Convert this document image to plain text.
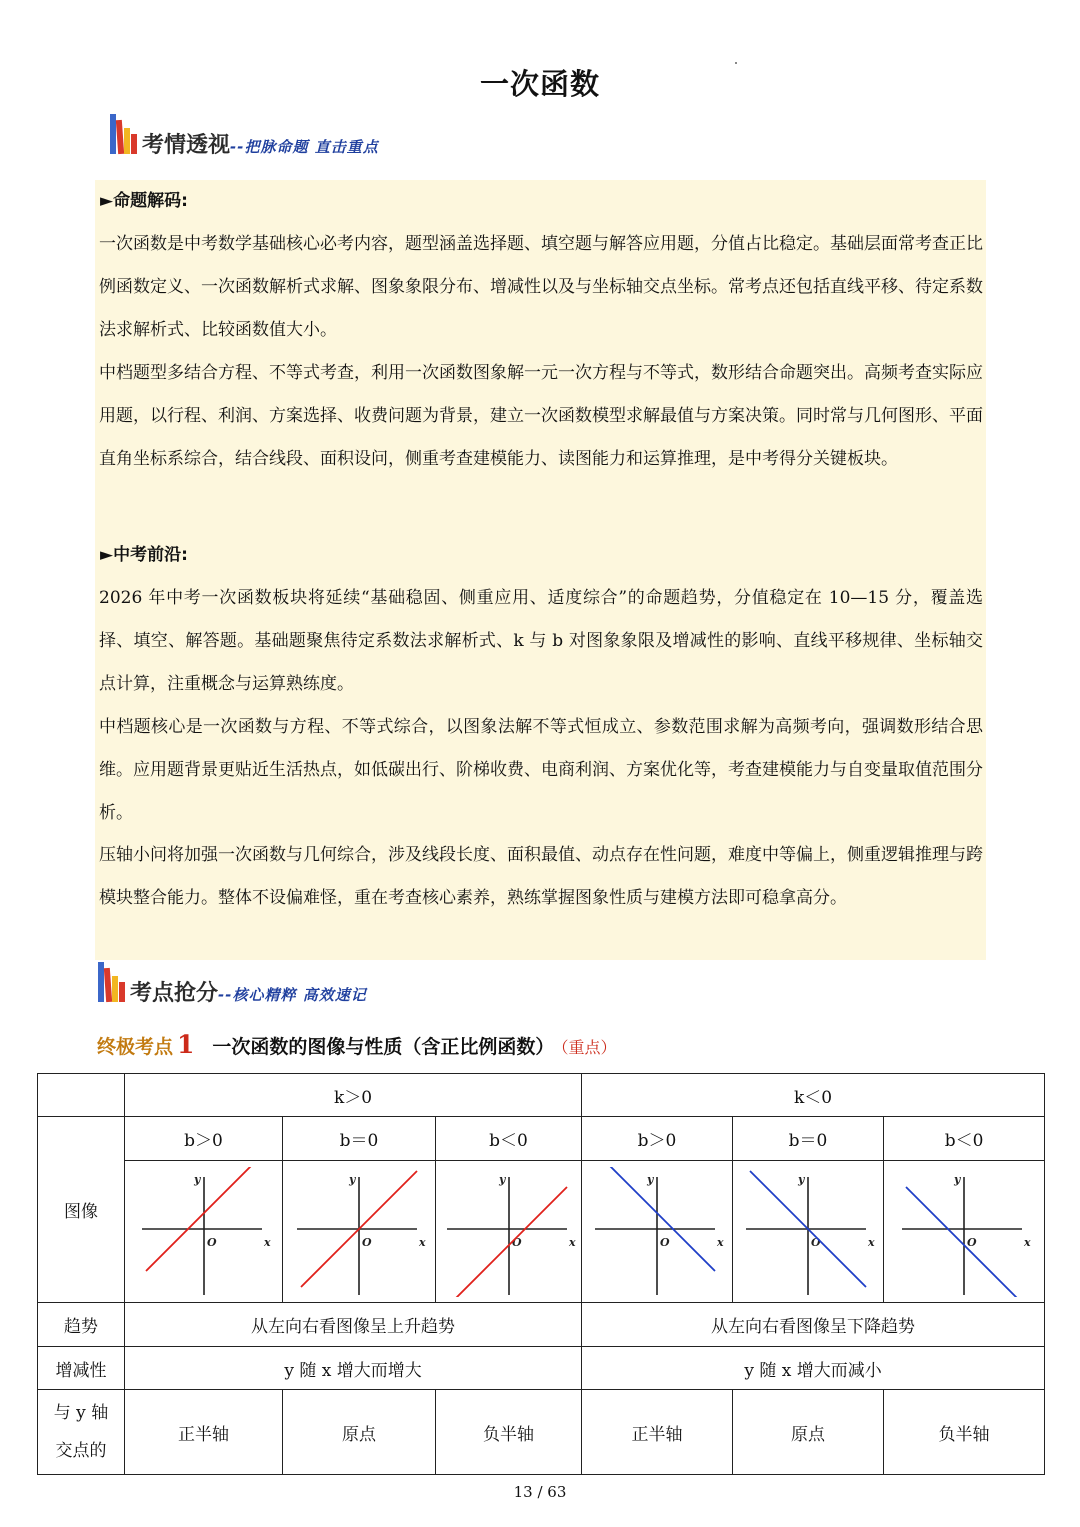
一次函数
考情透视--把脉命题 直击重点
►命题解码:

一次函数是中考数学基础核心必考内容，题型涵盖选择题、填空题与解答应用题，分值占比稳定。基础层面常考查正比例函数定义、一次函数解析式求解、图象象限分布、增减性以及与坐标轴交点坐标。常考点还包括直线平移、待定系数法求解析式、比较函数值大小。

中档题型多结合方程、不等式考查，利用一次函数图象解一元一次方程与不等式，数形结合命题突出。高频考查实际应用题，以行程、利润、方案选择、收费问题为背景，建立一次函数模型求解最值与方案决策。同时常与几何图形、平面直角坐标系综合，结合线段、面积设问，侧重考查建模能力、读图能力和运算推理，是中考得分关键板块。

►中考前沿:

2026 年中考一次函数板块将延续“基础稳固、侧重应用、适度综合”的命题趋势，分值稳定在 10—15 分，覆盖选择、填空、解答题。基础题聚焦待定系数法求解析式、k 与 b 对图象象限及增减性的影响、直线平移规律、坐标轴交点计算，注重概念与运算熟练度。

中档题核心是一次函数与方程、不等式综合，以图象法解不等式恒成立、参数范围求解为高频考向，强调数形结合思维。应用题背景更贴近生活热点，如低碳出行、阶梯收费、电商利润、方案优化等，考查建模能力与自变量取值范围分析。

压轴小问将加强一次函数与几何综合，涉及线段长度、面积最值、动点存在性问题，难度中等偏上，侧重逻辑推理与跨模块整合能力。整体不设偏难怪，重在考查核心素养，熟练掌握图象性质与建模方法即可稳拿高分。

考点抢分--核心精粹 高效速记
终极考点 1 一次函数的图像与性质（含正比例函数） （重点）
	k＞0			k＜0		
图像	b＞0	b＝0	b＜0	b＞0	b＝0	b＜0

y
x
O	y
x
O	y
x
O	y
x
O	y
x
O	y
x
O

趋势	从左向右看图像呈上升趋势			从左向右看图像呈下降趋势		
增减性	y 随 x 增大而增大			y 随 x 增大而减小		

与 y 轴
交点的	正半轴	原点	负半轴	正半轴	原点	负半轴
13 / 63
